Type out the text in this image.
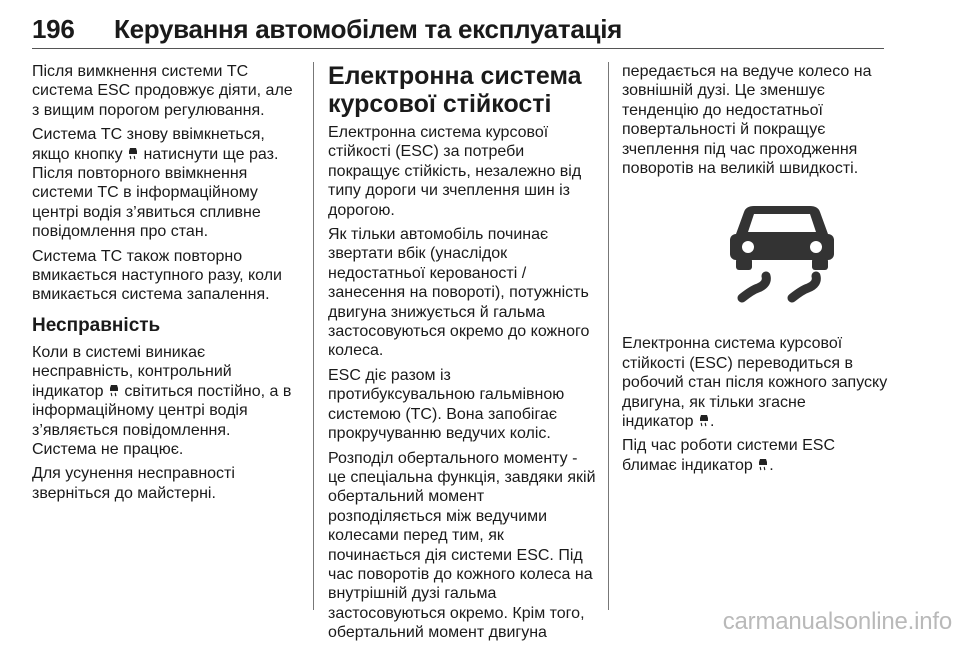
196 Керування автомобілем та експлуатація

Після вимкнення системи TC
система ESC продовжує діяти, але
з вищим порогом регулювання.

Система TC знову ввімкнеться,
якщо кнопку  натиснути ще раз.
Після повторного ввімкнення
системи TC в інформаційному
центрі водія з’явиться спливне
повідомлення про стан.

Система TC також повторно
вмикається наступного разу, коли
вмикається система запалення.

Несправність

Коли в системі виникає
несправність, контрольний
індикатор  світиться постійно, а в
інформаційному центрі водія
з’являється повідомлення.
Система не працює.

Для усунення несправності
зверніться до майстерні.

Електронна система
курсової стійкості

Електронна система курсової
стійкості (ESC) за потреби
покращує стійкість, незалежно від
типу дороги чи зчеплення шин із
дорогою.

Як тільки автомобіль починає
звертати вбік (унаслідок
недостатньої керованості /
занесення на повороті), потужність
двигуна знижується й гальма
застосовуються окремо до кожного
колеса.

ESC діє разом із
протибуксувальною гальмівною
системою (TC). Вона запобігає
прокручуванню ведучих коліс.

Розподіл обертального моменту -
це спеціальна функція, завдяки якій
обертальний момент
розподіляється між ведучими
колесами перед тим, як
починається дія системи ESC. Під
час поворотів до кожного колеса на
внутрішній дузі гальма
застосовуються окремо. Крім того,
обертальний момент двигуна

передається на ведуче колесо на
зовнішній дузі. Це зменшує
тенденцію до недостатньої
повертальності й покращує
зчеплення під час проходження
поворотів на великій швидкості.

Електронна система курсової
стійкості (ESC) переводиться в
робочий стан після кожного запуску
двигуна, як тільки згасне
індикатор .

Під час роботи системи ESC
блимає індикатор .

carmanualsonline.info
